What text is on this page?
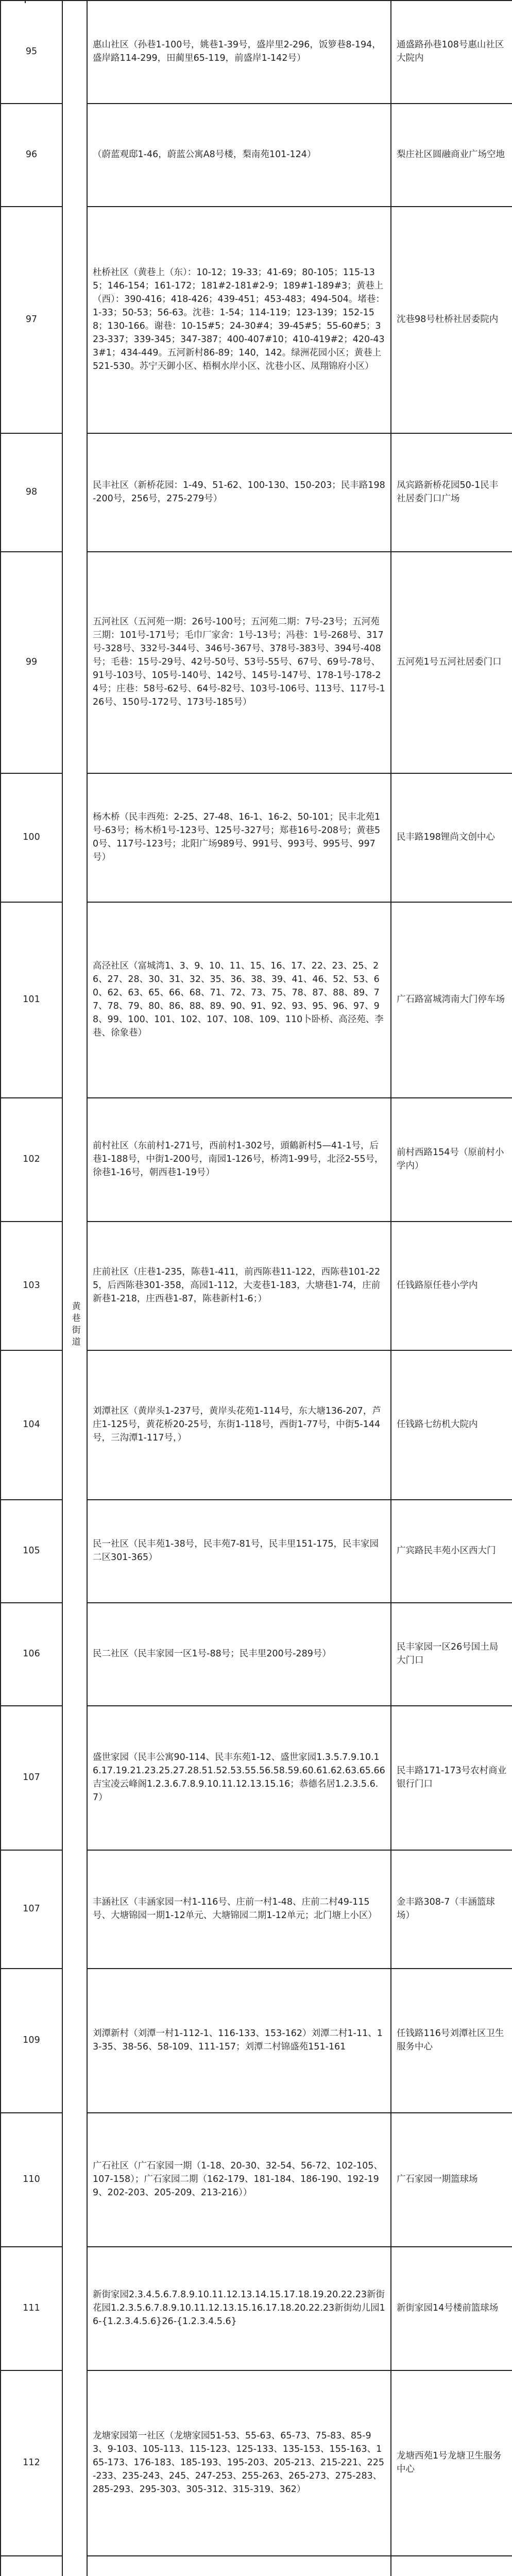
95	黄巷街道	惠山社区（孙巷1-100号，姚巷1-39号，盛岸里2-296，饭箩巷8-194，盛岸路114-299，田蔺里65-119，前盛岸1-142号）	通盛路孙巷108号惠山社区大院内
96		（蔚蓝观邸1-46，蔚蓝公寓A8号楼，梨南苑101-124）	梨庄社区圆融商业广场空地
97		杜桥社区（黄巷上（东）：10-12；19-33；41-69；80-105；115-135；146-154；161-172；181#2-181#2-9；189#1-189#3；黄巷上（西）：390-416；418-426；439-451；453-483；494-504。堵巷：1-33；50-53；56-63。沈巷：1-54；114-119；123-139；152-158；130-166。谢巷：10-15#5；24-30#4；39-45#5；55-60#5；323-337；339-345；347-387；400-407#10；410-419#2；420-433#1；434-449。五河新村86-89；140，142。绿洲花园小区；黄巷上521-530。苏宁天御小区、梧桐水岸小区、沈巷小区、凤翔锦府小区）	沈巷98号杜桥社居委院内
98		民丰社区（新桥花园：1-49、51-62、100-130、150-203；民丰路198-200号，256号，275-279号）	凤宾路新桥花园50-1民丰社居委门口广场
99		五河社区（五河苑一期：26号-100号；五河苑二期：7号-23号；五河苑三期：101号-171号；毛巾厂家舍：1号-13号；冯巷：1号-268号、317号-328号、332号-344号、346号-367号、378号-383号、394号-408号；毛巷：15号-29号、42号-50号、53号-55号、67号、69号-78号、91号-103号、105号-140号、142号、145号-147号、178-1号-178-24号；庄巷：58号-62号、64号-82号、103号-106号、113号、117号-126号、150号-172号、173号-185号）	五河苑1号五河社居委门口
100		杨木桥（民丰西苑：2-25、27-48、16-1、16-2、50-101；民丰北苑1号-63号；杨木桥1号-123号、125号-327号；郑巷16号-208号；黄巷50号、117号-123号；北阳广场989号、991号、993号、995号、997号）	民丰路198锂尚文创中心
101		高泾社区（富城湾1、3、9、10、11、15、16、17、22、23、25、26、27、28、30、31、32、35、36、38、39、41、46、52、53、60、62、63、65、66、68、71、72、73、75、78、87、88、89、77、78、79、80、86、88、89、90、91、92、93、95、96、97、98、99、100、101、102、107、108、109、110卜卧桥、高泾苑、李巷、徐象巷）	广石路富城湾南大门停车场
102		前村社区（东前村1-271号，西前村1-302号，頭鶴新村5—41-1号，后巷1-188号，中街1-200号，南园1-126号，桥湾1-99号，北泾2-55号，徐巷1-16号，朝西巷1-19号）	前村西路154号（原前村小学内）
103		庄前社区（庄巷1-235，陈巷1-411，前西陈巷11-122，西陈巷101-225，后西陈巷301-358，高园1-112，大麦巷1-183，大塘巷1-74，庄前新巷1-218，庄西巷1-87，陈巷新村1-6；）	任钱路原任巷小学内
104		刘潭社区（黄岸头1-237号，黄岸头花苑1-114号，东大塘136-207，芦庄1-125号，黄花桥20-25号，东街1-118号，西街1-77号，中街5-144号，三沟潭1-117号，）	任钱路七纺机大院内
105		民一社区（民丰苑1-38号，民丰苑7-81号，民丰里151-175，民丰家园二区301-365）	广宾路民丰苑小区西大门
106		民二社区（民丰家园一区1号-88号；民丰里200号-289号）	民丰家园一区26号国土局大门口
107		盛世家园（民丰公寓90-114、民丰东苑1-12、盛世家园1.3.5.7.9.10.16.17.19.21.23.25.27.28.51.52.53.55.56.58.59.60.61.62.63.65.66吉宝凌云峰阁1.2.3.6.7.8.9.10.11.12.13.15.16；恭德名居1.2.3.5.6.7）	民丰路171-173号农村商业银行门口
107		丰涵社区（丰涵家园一村1-116号、庄前一村1-48、庄前二村49-115号、大塘锦园一期1-12单元、大塘锦园二期1-12单元；北门塘上小区）	金丰路308-7（丰涵篮球场）
109		刘潭新村（刘潭一村1-112-1、116-133、153-162）刘潭二村1-11、13-35、38-56、58-109、111-157；刘潭二村锦盛苑151-161	任钱路116号刘潭社区卫生服务中心
110		广石社区（广石家园一期（1-18、20-30、32-54、56-72、102-105、107-158）；广石家园二期（162-179、181-184、186-190、192-199、202-203、205-209、213-216））	广石家园一期篮球场
111		新街家园2.3.4.5.6.7.8.9.10.11.12.13.14.15.17.18.19.20.22.23新街花园1.2.3.5.6.7.8.9.10.11.12.13.15.16.17.18.20.22.23新街幼儿园16-{1.2.3.4.5.6}26-{1.2.3.4.5.6}	新街家园14号楼前篮球场
112		龙塘家园第一社区（龙塘家园51-53、55-63、65-73、75-83、85-93、9-103、105-113、115-123、125-133、135-153、155-163、165-173、176-183、185-193、195-203、205-213、215-221、225-233、235-243、245、247-253、255-263、265-273、275-283、285-293、295-303、305-312、315-319、362）	龙塘西苑1号龙塘卫生服务中心
